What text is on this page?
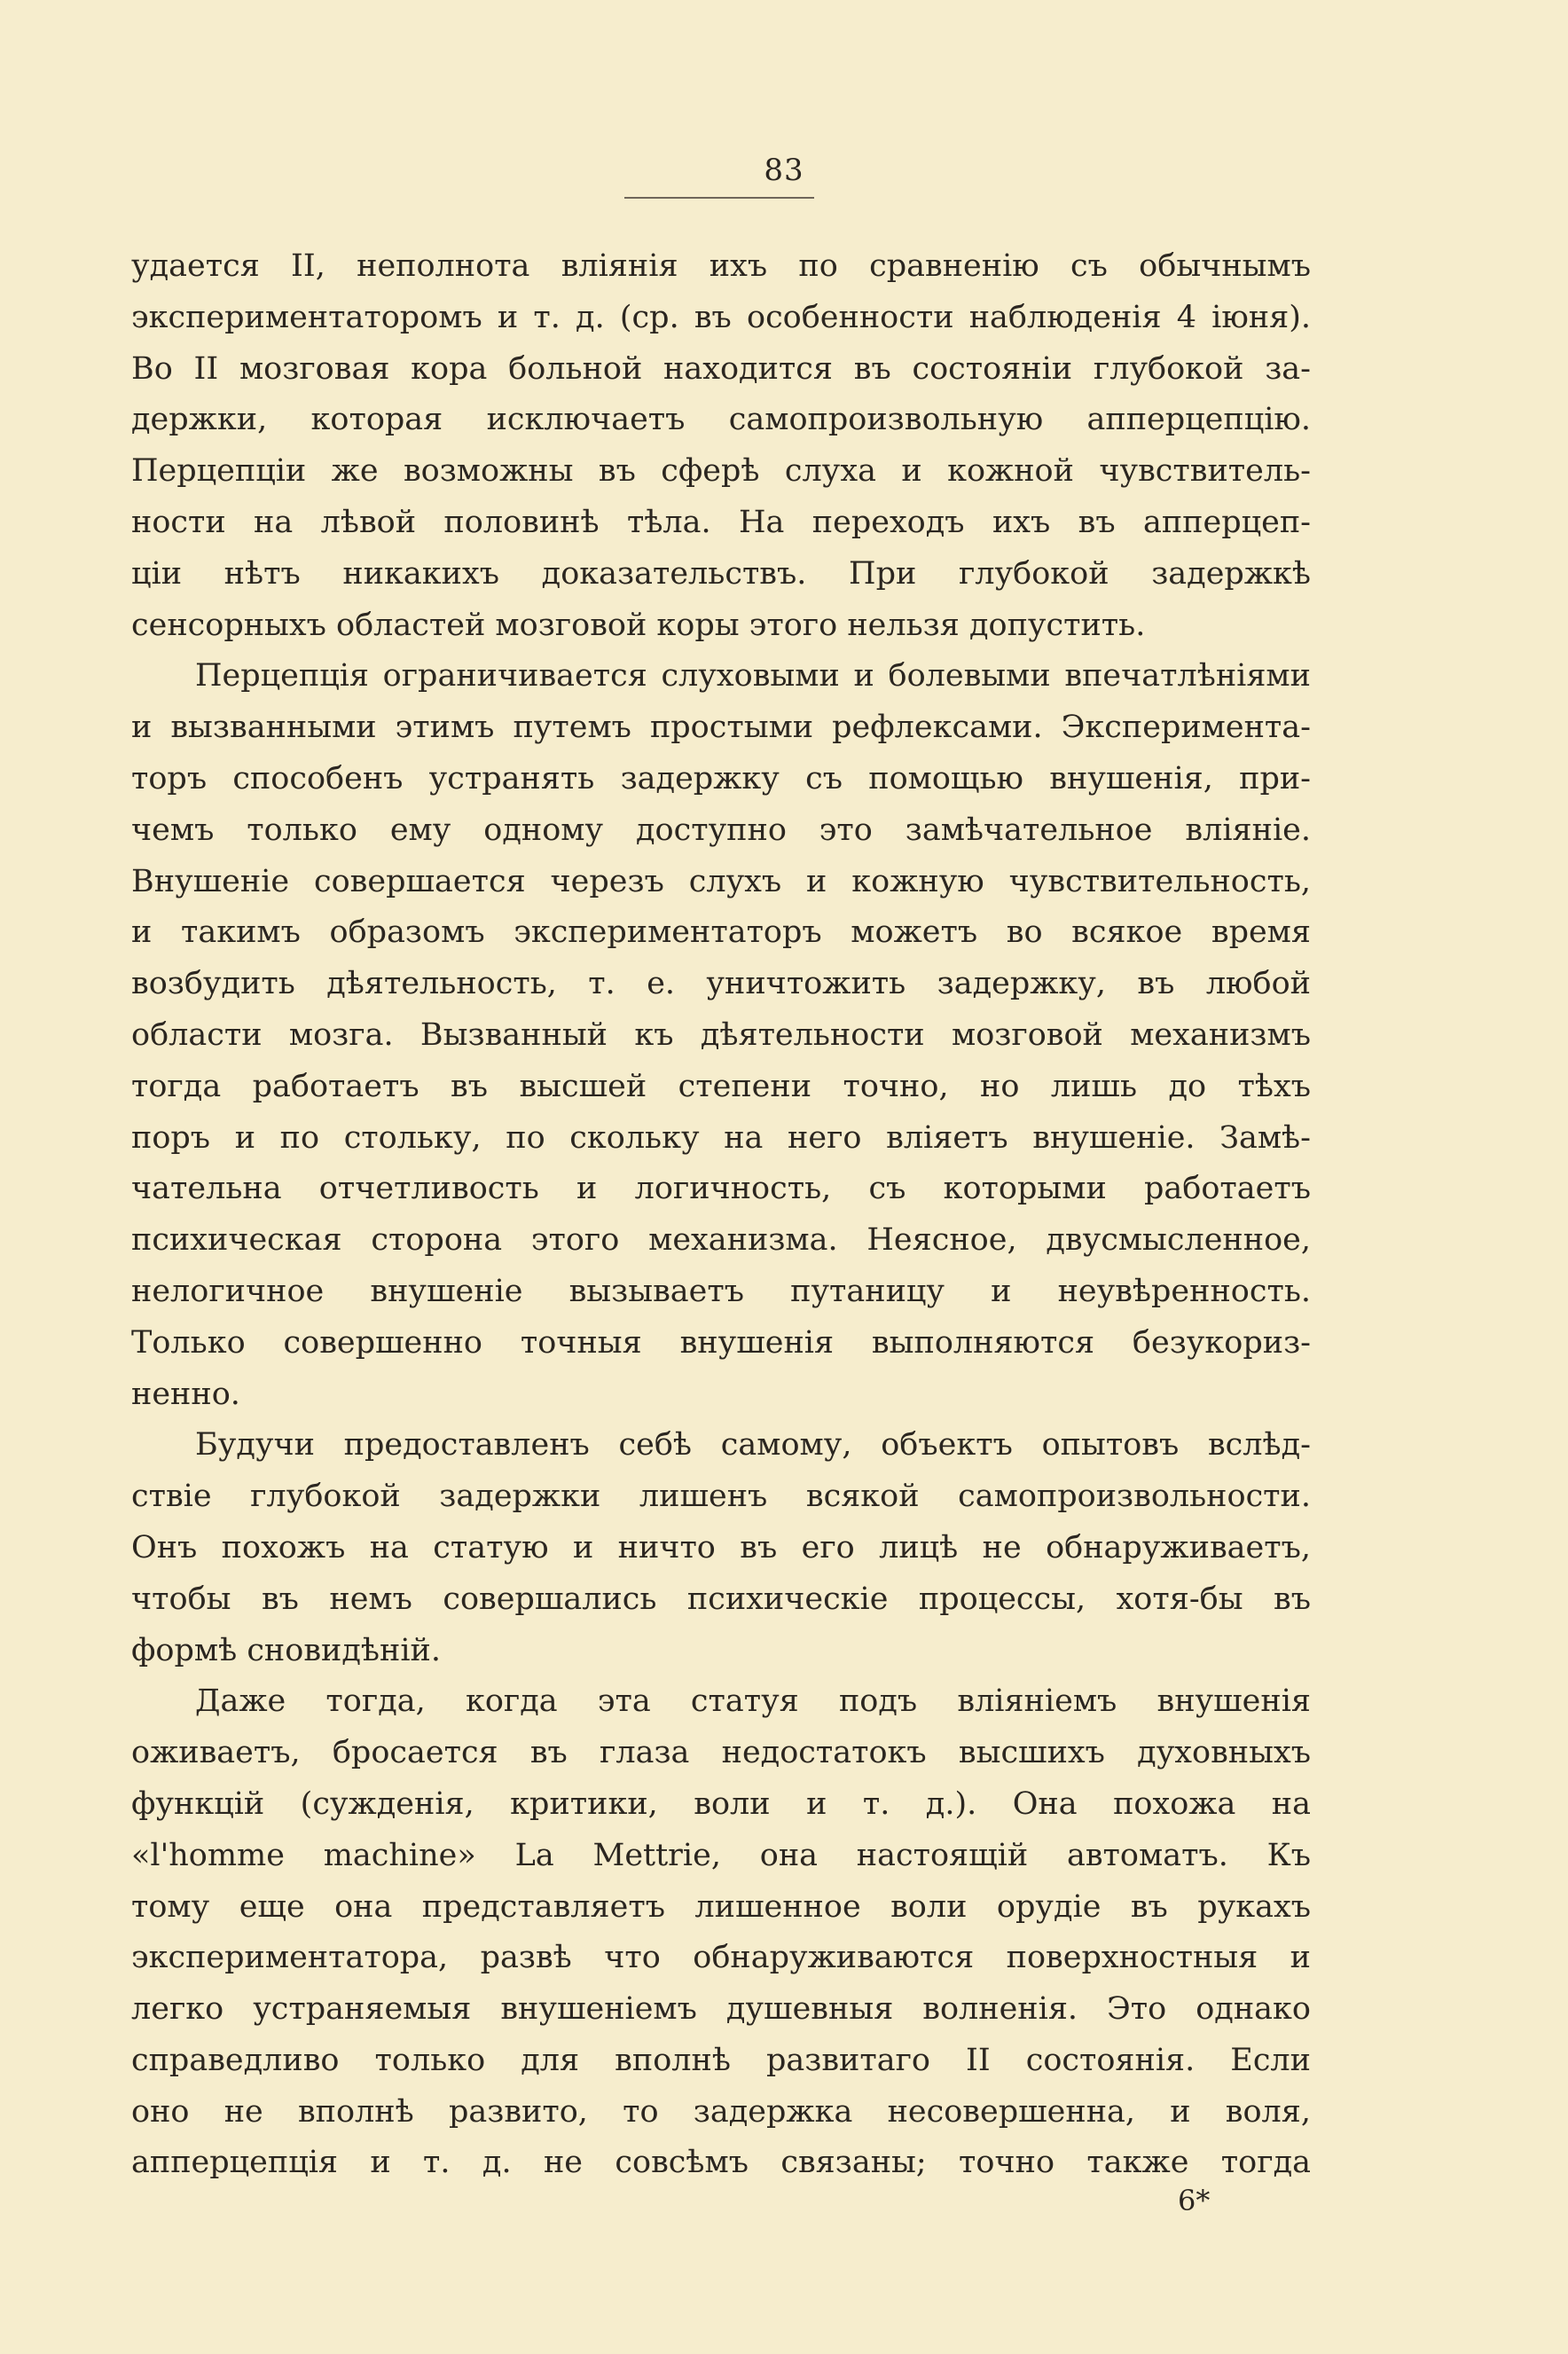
83
удается II, неполнота вліянія ихъ по сравненію съ обычнымъ
экспериментаторомъ и т. д. (ср. въ особенности наблюденія 4 іюня).
Во II мозговая кора больной находится въ состояніи глубокой за-
держки, которая исключаетъ самопроизвольную апперцепцію.
Перцепціи же возможны въ сферѣ слуха и кожной чувствитель-
ности на лѣвой половинѣ тѣла. На переходъ ихъ въ апперцеп-
ціи нѣтъ никакихъ доказательствъ. При глубокой задержкѣ
сенсорныхъ областей мозговой коры этого нельзя допустить.
Перцепція ограничивается слуховыми и болевыми впечатлѣніями
и вызванными этимъ путемъ простыми рефлексами. Эксперимента-
торъ способенъ устранять задержку съ помощью внушенія, при-
чемъ только ему одному доступно это замѣчательное вліяніе.
Внушеніе совершается черезъ слухъ и кожную чувствительность,
и такимъ образомъ экспериментаторъ можетъ во всякое время
возбудить дѣятельность, т. е. уничтожить задержку, въ любой
области мозга. Вызванный къ дѣятельности мозговой механизмъ
тогда работаетъ въ высшей степени точно, но лишь до тѣхъ
поръ и по стольку, по скольку на него вліяетъ внушеніе. Замѣ-
чательна отчетливость и логичность, съ которыми работаетъ
психическая сторона этого механизма. Неясное, двусмысленное,
нелогичное внушеніе вызываетъ путаницу и неувѣренность.
Только совершенно точныя внушенія выполняются безукориз-
ненно.
Будучи предоставленъ себѣ самому, объектъ опытовъ вслѣд-
ствіе глубокой задержки лишенъ всякой самопроизвольности.
Онъ похожъ на статую и ничто въ его лицѣ не обнаруживаетъ,
чтобы въ немъ совершались психическіе процессы, хотя-бы въ
формѣ сновидѣній.
Даже тогда, когда эта статуя подъ вліяніемъ внушенія
оживаетъ, бросается въ глаза недостатокъ высшихъ духовныхъ
функцій (сужденія, критики, воли и т. д.). Она похожа на
«l'homme machine» La Mettrie, она настоящій автоматъ. Къ
тому еще она представляетъ лишенное воли орудіе въ рукахъ
экспериментатора, развѣ что обнаруживаются поверхностныя и
легко устраняемыя внушеніемъ душевныя волненія. Это однако
справедливо только для вполнѣ развитаго II состоянія. Если
оно не вполнѣ развито, то задержка несовершенна, и воля,
апперцепція и т. д. не совсѣмъ связаны; точно также тогда
6*
